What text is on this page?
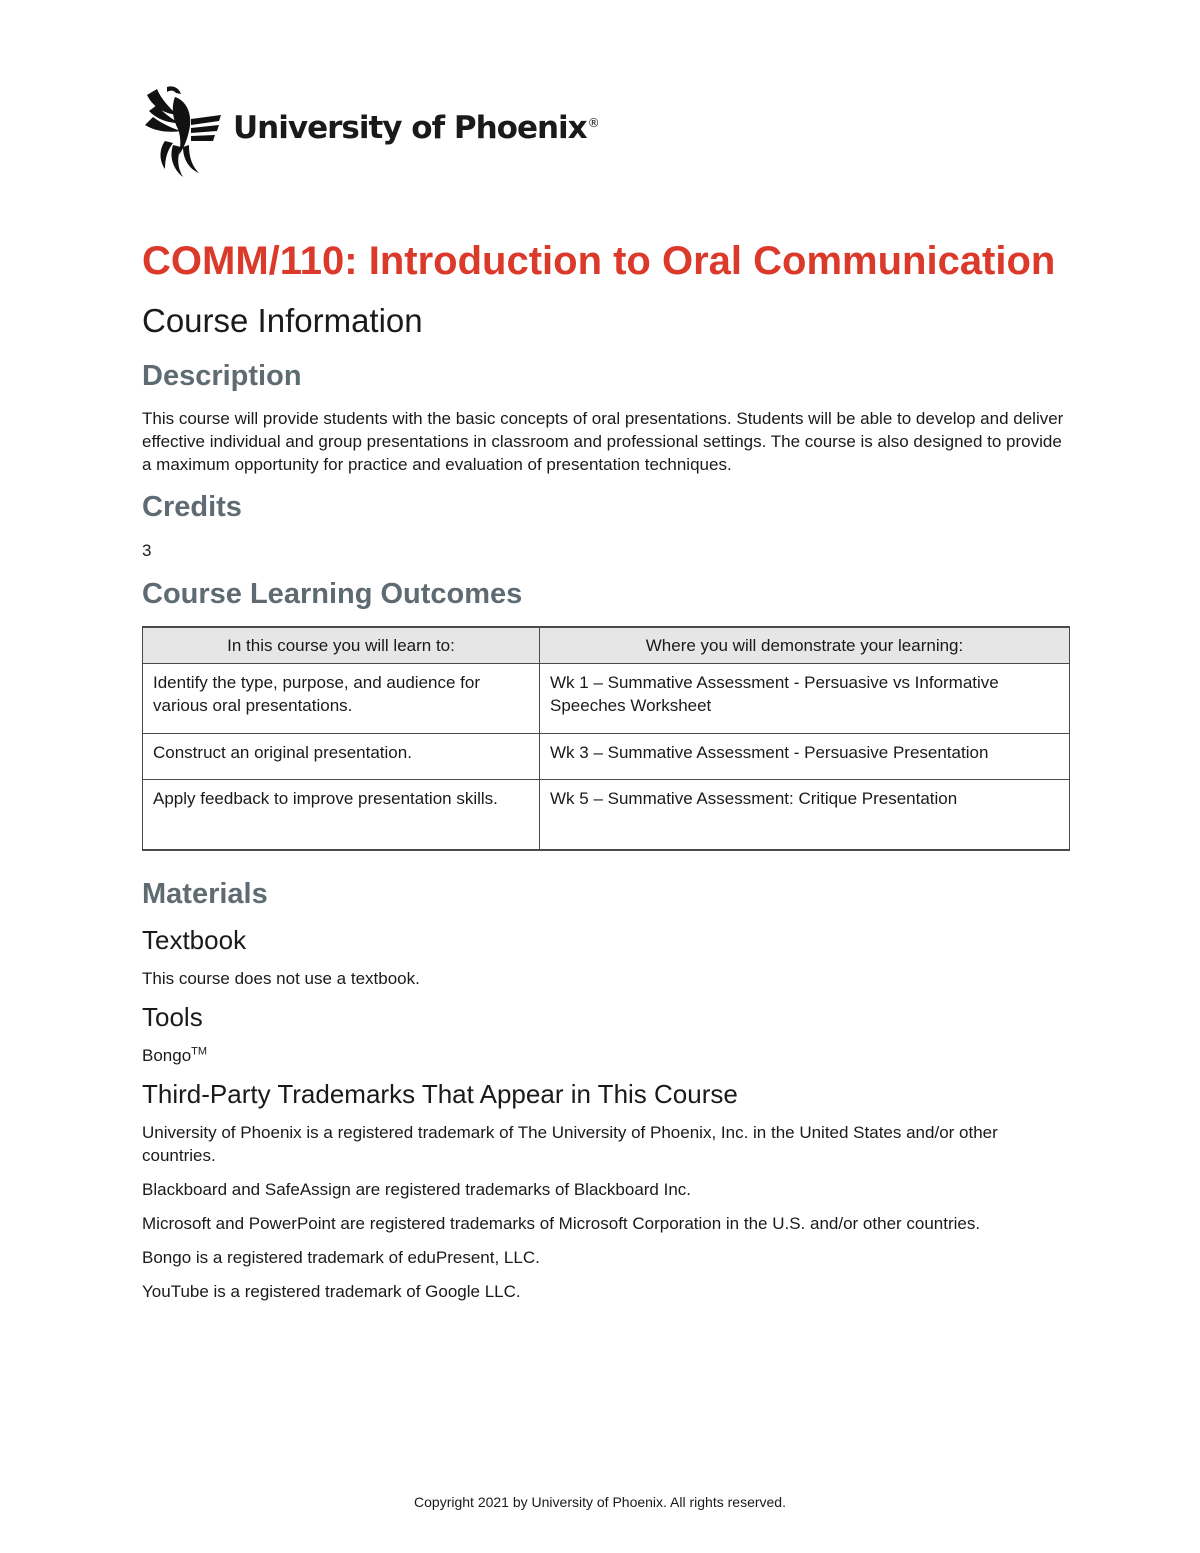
University of Phoenix®
COMM/110: Introduction to Oral Communication
Course Information
Description

This course will provide students with the basic concepts of oral presentations. Students will be able to develop and deliver effective individual and group presentations in classroom and professional settings. The course is also designed to provide a maximum opportunity for practice and evaluation of presentation techniques.

Credits

3

Course Learning Outcomes
In this course you will learn to:	Where you will demonstrate your learning:
Identify the type, purpose, and audience for various oral presentations.	Wk 1 – Summative Assessment - Persuasive vs Informative Speeches Worksheet
Construct an original presentation.	Wk 3 – Summative Assessment - Persuasive Presentation
Apply feedback to improve presentation skills.	Wk 5 – Summative Assessment: Critique Presentation
Materials
Textbook

This course does not use a textbook.

Tools

Bongo™

Third-Party Trademarks That Appear in This Course

University of Phoenix is a registered trademark of The University of Phoenix, Inc. in the United States and/or other countries.

Blackboard and SafeAssign are registered trademarks of Blackboard Inc.

Microsoft and PowerPoint are registered trademarks of Microsoft Corporation in the U.S. and/or other countries.

Bongo is a registered trademark of eduPresent, LLC.

YouTube is a registered trademark of Google LLC.

Copyright 2021 by University of Phoenix. All rights reserved.
